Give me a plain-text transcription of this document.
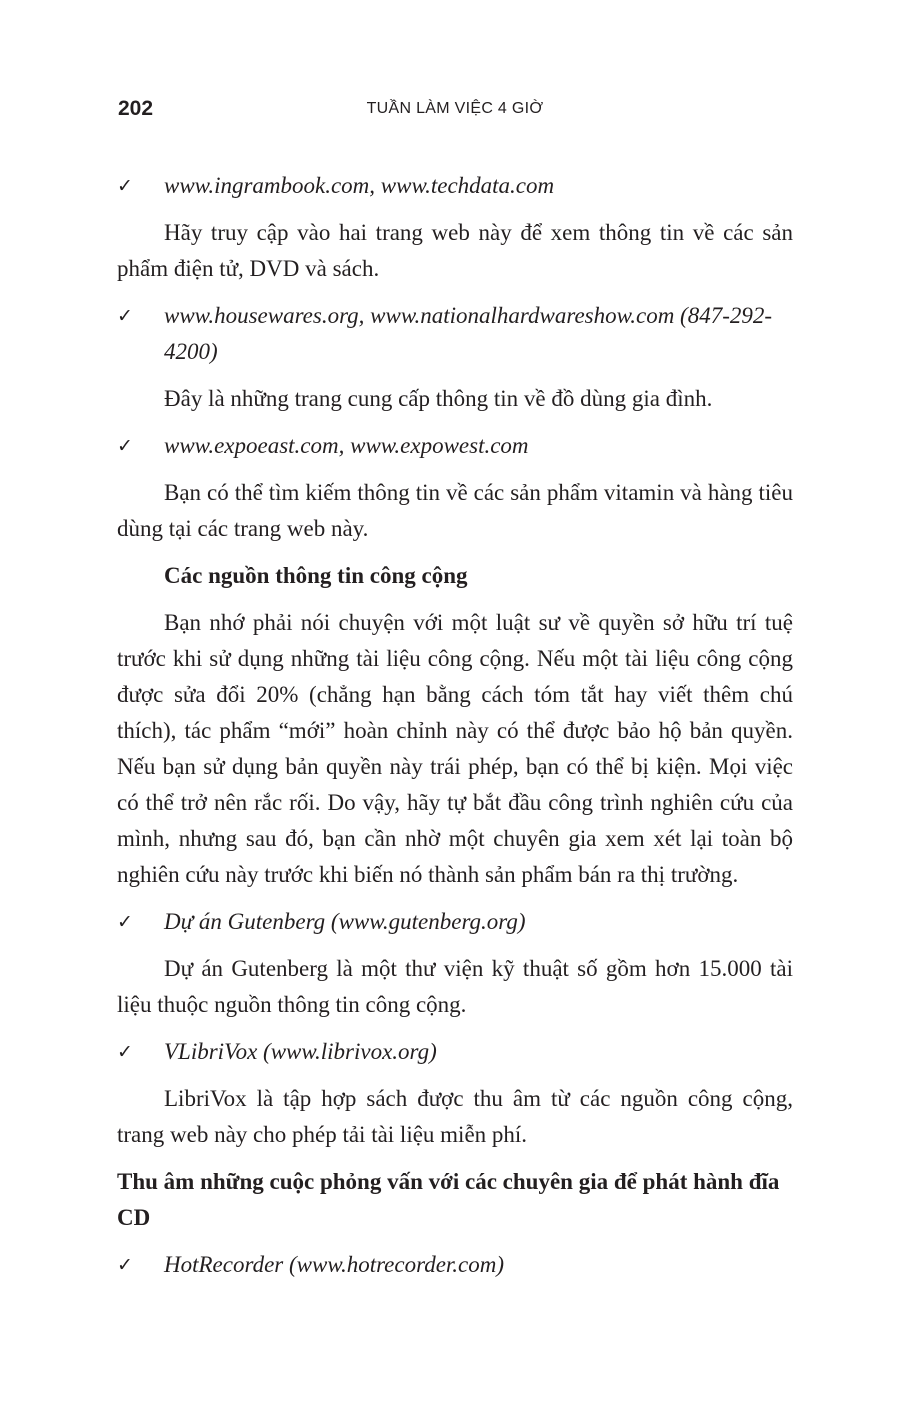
202	TUẦN LÀM VIỆC 4 GIỜ
✓ www.ingrambook.com, www.techdata.com

Hãy truy cập vào hai trang web này để xem thông tin về các sản phẩm điện tử, DVD và sách.

✓ www.housewares.org, www.nationalhardwareshow.com (847-292-4200)

Đây là những trang cung cấp thông tin về đồ dùng gia đình.

✓ www.expoeast.com, www.expowest.com

Bạn có thể tìm kiếm thông tin về các sản phẩm vitamin và hàng tiêu dùng tại các trang web này.

Các nguồn thông tin công cộng

Bạn nhớ phải nói chuyện với một luật sư về quyền sở hữu trí tuệ trước khi sử dụng những tài liệu công cộng. Nếu một tài liệu công cộng được sửa đổi 20% (chẳng hạn bằng cách tóm tắt hay viết thêm chú thích), tác phẩm “mới” hoàn chỉnh này có thể được bảo hộ bản quyền. Nếu bạn sử dụng bản quyền này trái phép, bạn có thể bị kiện. Mọi việc có thể trở nên rắc rối. Do vậy, hãy tự bắt đầu công trình nghiên cứu của mình, nhưng sau đó, bạn cần nhờ một chuyên gia xem xét lại toàn bộ nghiên cứu này trước khi biến nó thành sản phẩm bán ra thị trường.

✓ Dự án Gutenberg (www.gutenberg.org)

Dự án Gutenberg là một thư viện kỹ thuật số gồm hơn 15.000 tài liệu thuộc nguồn thông tin công cộng.

✓ VLibriVox (www.librivox.org)

LibriVox là tập hợp sách được thu âm từ các nguồn công cộng, trang web này cho phép tải tài liệu miễn phí.

Thu âm những cuộc phỏng vấn với các chuyên gia để phát hành đĩa CD

✓ HotRecorder (www.hotrecorder.com)
